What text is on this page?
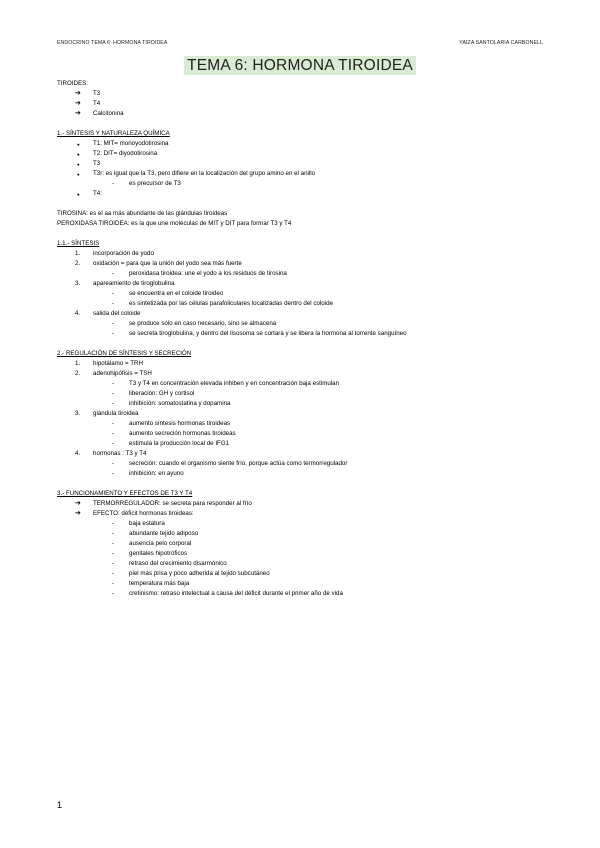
ENDOCRINO TEMA 6: HORMONA TIROIDEA	YAIZA SANTOLARIA CARBONELL
TEMA 6: HORMONA TIROIDEA
TIROIDES:
➔ T3
➔ T4
➔ Calcitonina
1.- SÍNTESIS Y NATURALEZA QUÍMICA
● T1: MIT= monoyodotirosina
● T2: DIT= diyodotirosina
● T3
● T3r: es igual que la T3, pero difiere en la localización del grupo amino en el anillo
- es precursor de T3
● T4:
TIROSINA: es el aa más abundante de las glándulas tiroideas
PEROXIDASA TIROIDEA: es la que une moléculas de MIT y DIT para formar T3 y T4
1.1.- SÍNTESIS
1. incorporación de yodo
2. oxidación = para que la unión del yodo sea más fuerte
- peroxidasa tiroidea: une el yodo a los residuos de tirosina
3. apareamiento de tiroglobulina
- se encuentra en el coloide tiroideo
- es sintetizada por las células parafoliculares localizadas dentro del coloide
4. salida del coloide
- se produce sólo en caso necesario, sino se almacena
- se secreta tiroglobulina, y dentro del lisosoma se cortara y se libera la hormona al torrente sanguíneo
2.- REGULACIÓN DE SÍNTESIS Y SECRECIÓN
1. hipotálamo = TRH
2. adenohipófisis = TSH
- T3 y T4 en concentración elevada inhiben y en concentración baja estimulan
- liberación: GH y cortisol
- inhibición: somatostatina y dopamina
3. glándula tiroidea
- aumento síntesis hormonas tiroideas
- aumento secreción hormonas tiroideas
- estimula la producción local de IFG1
4. hormonas : T3 y T4
- secreción: cuando el organismo siente frío, porque actúa como termorregulador
- inhibición: en ayuno
3.- FUNCIONAMIENTO Y EFECTOS DE T3 Y T4
➔ TERMORREGULADOR: se secreta para responder al frío
➔ EFECTO: déficit hormonas tiroideas:
- baja estatura
- abundante tejido adiposo
- ausencia pelo corporal
- genitales hipotróficos
- retraso del crecimiento disarmónico
- piel más prisa y poco adherida al tejido subcutáneo
- temperatura más baja
- cretinismo: retraso intelectual a causa del déficit durante el primer año de vida
1
